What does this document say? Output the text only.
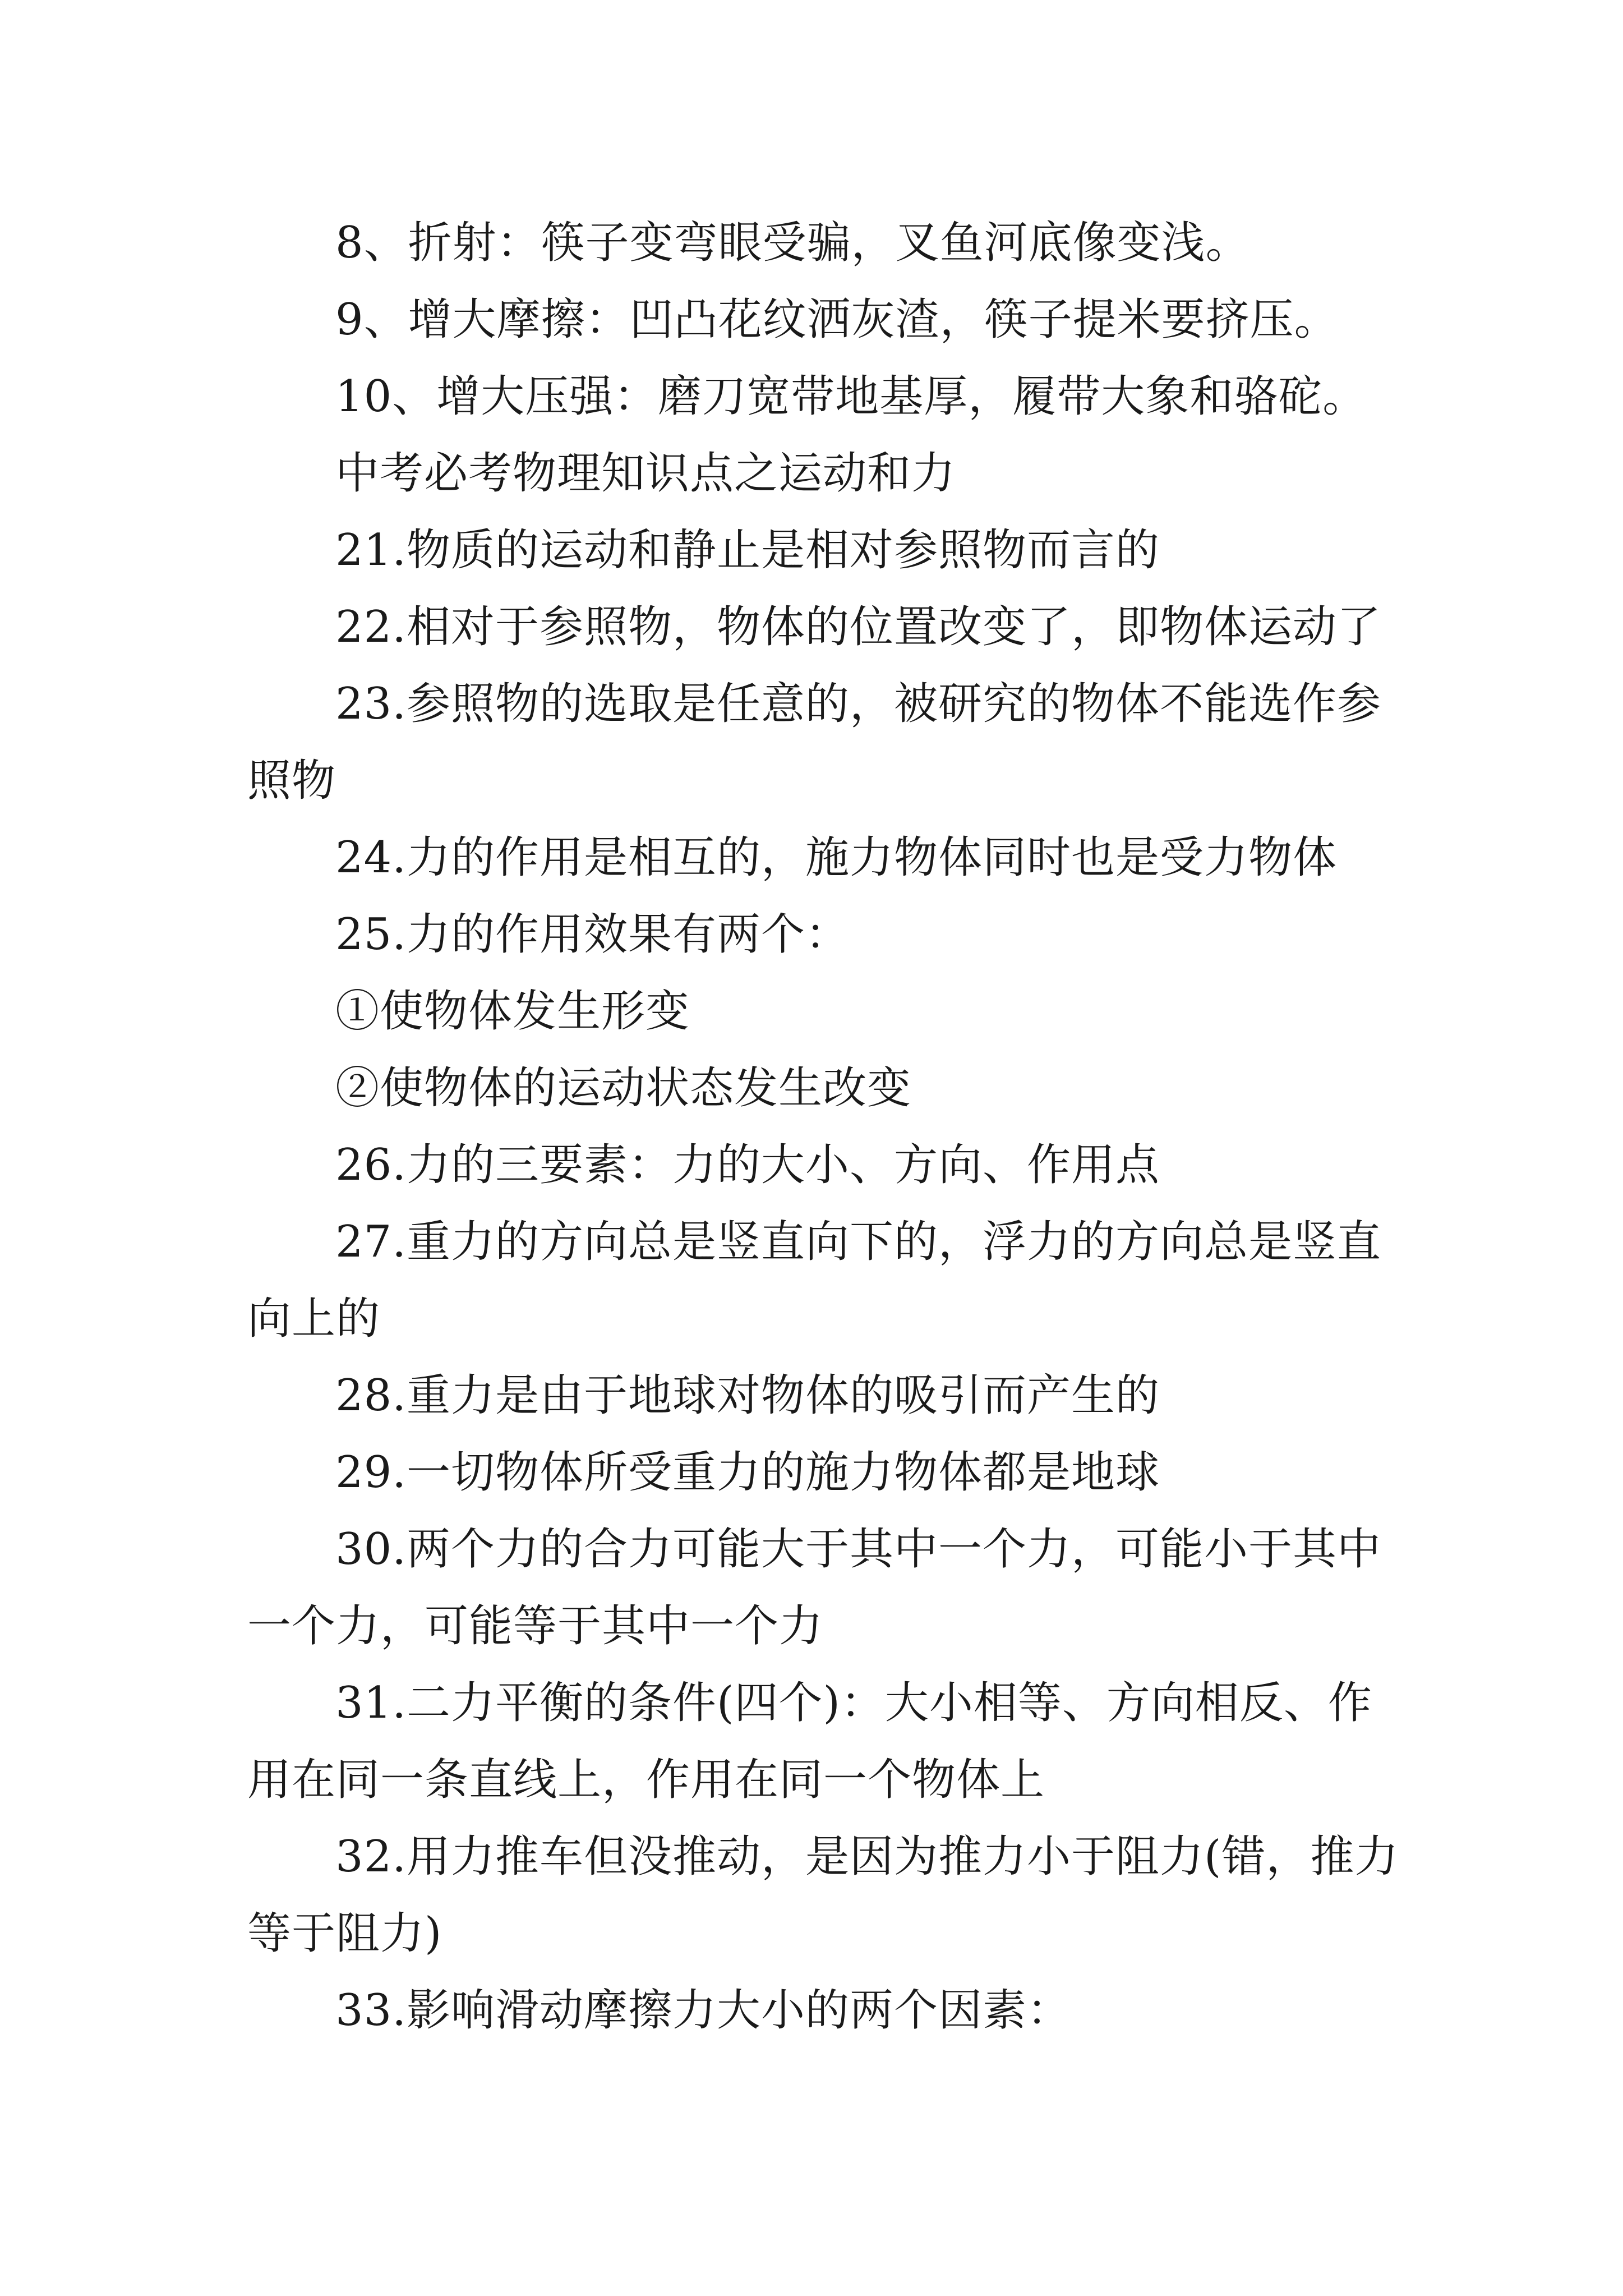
8、折射：筷子变弯眼受骗，叉鱼河底像变浅。
9、增大摩擦：凹凸花纹洒灰渣，筷子提米要挤压。
10、增大压强：磨刀宽带地基厚，履带大象和骆砣。
中考必考物理知识点之运动和力
21.物质的运动和静止是相对参照物而言的
22.相对于参照物，物体的位置改变了，即物体运动了
23.参照物的选取是任意的，被研究的物体不能选作参
照物
24.力的作用是相互的，施力物体同时也是受力物体
25.力的作用效果有两个：
①使物体发生形变
②使物体的运动状态发生改变
26.力的三要素：力的大小、方向、作用点
27.重力的方向总是竖直向下的，浮力的方向总是竖直
向上的
28.重力是由于地球对物体的吸引而产生的
29.一切物体所受重力的施力物体都是地球
30.两个力的合力可能大于其中一个力，可能小于其中
一个力，可能等于其中一个力
31.二力平衡的条件(四个)：大小相等、方向相反、作
用在同一条直线上，作用在同一个物体上
32.用力推车但没推动，是因为推力小于阻力(错，推力
等于阻力)
33.影响滑动摩擦力大小的两个因素：
